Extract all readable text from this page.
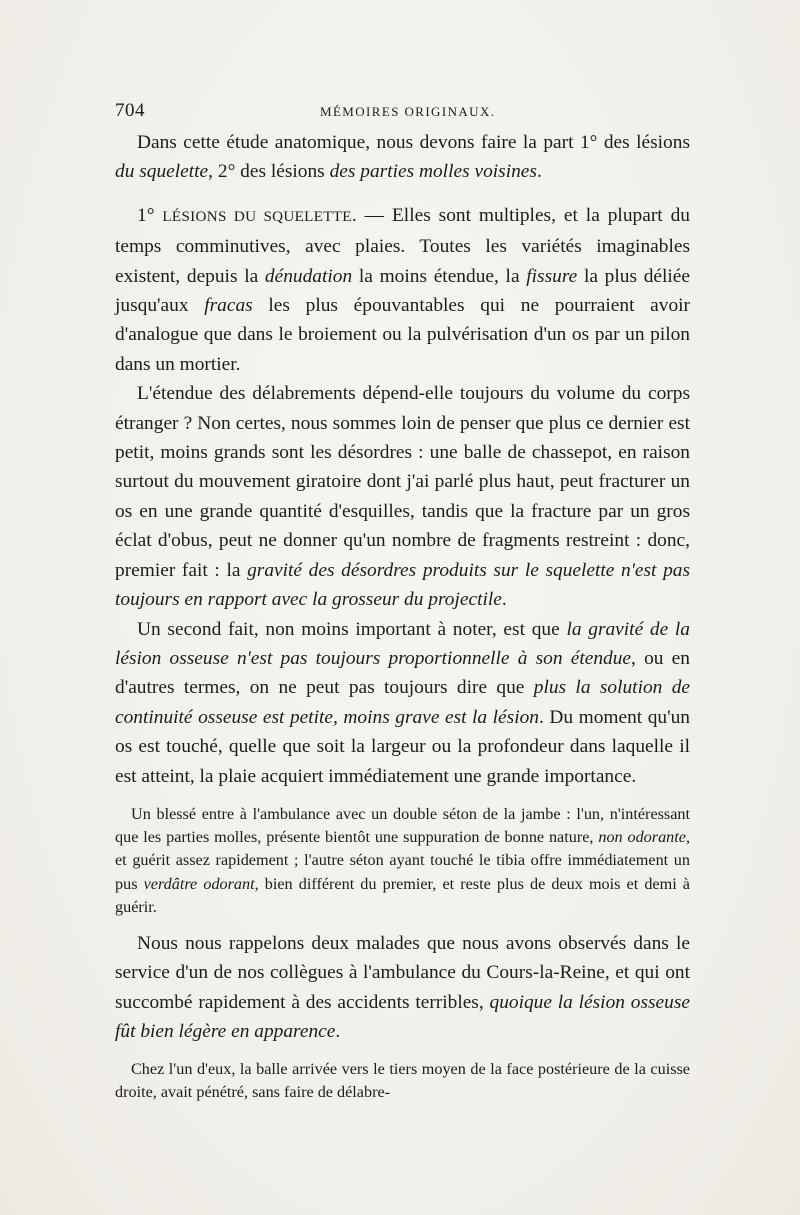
704	MÉMOIRES ORIGINAUX.

Dans cette étude anatomique, nous devons faire la part 1° des lésions du squelette, 2° des lésions des parties molles voisines.

1° LÉSIONS DU SQUELETTE. — Elles sont multiples, et la plupart du temps comminutives, avec plaies. Toutes les variétés imaginables existent, depuis la dénudation la moins étendue, la fissure la plus déliée jusqu'aux fracas les plus épouvantables qui ne pourraient avoir d'analogue que dans le broiement ou la pulvérisation d'un os par un pilon dans un mortier.

L'étendue des délabrements dépend-elle toujours du volume du corps étranger ? Non certes, nous sommes loin de penser que plus ce dernier est petit, moins grands sont les désordres : une balle de chassepot, en raison surtout du mouvement giratoire dont j'ai parlé plus haut, peut fracturer un os en une grande quantité d'esquilles, tandis que la fracture par un gros éclat d'obus, peut ne donner qu'un nombre de fragments restreint : donc, premier fait : la gravité des désordres produits sur le squelette n'est pas toujours en rapport avec la grosseur du projectile.

Un second fait, non moins important à noter, est que la gravité de la lésion osseuse n'est pas toujours proportionnelle à son étendue, ou en d'autres termes, on ne peut pas toujours dire que plus la solution de continuité osseuse est petite, moins grave est la lésion. Du moment qu'un os est touché, quelle que soit la largeur ou la profondeur dans laquelle il est atteint, la plaie acquiert immédiatement une grande importance.

Un blessé entre à l'ambulance avec un double séton de la jambe : l'un, n'intéressant que les parties molles, présente bientôt une suppuration de bonne nature, non odorante, et guérit assez rapidement ; l'autre séton ayant touché le tibia offre immédiatement un pus verdâtre odorant, bien différent du premier, et reste plus de deux mois et demi à guérir.

Nous nous rappelons deux malades que nous avons observés dans le service d'un de nos collègues à l'ambulance du Cours-la-Reine, et qui ont succombé rapidement à des accidents terribles, quoique la lésion osseuse fût bien légère en apparence.

Chez l'un d'eux, la balle arrivée vers le tiers moyen de la face postérieure de la cuisse droite, avait pénétré, sans faire de délabre-
